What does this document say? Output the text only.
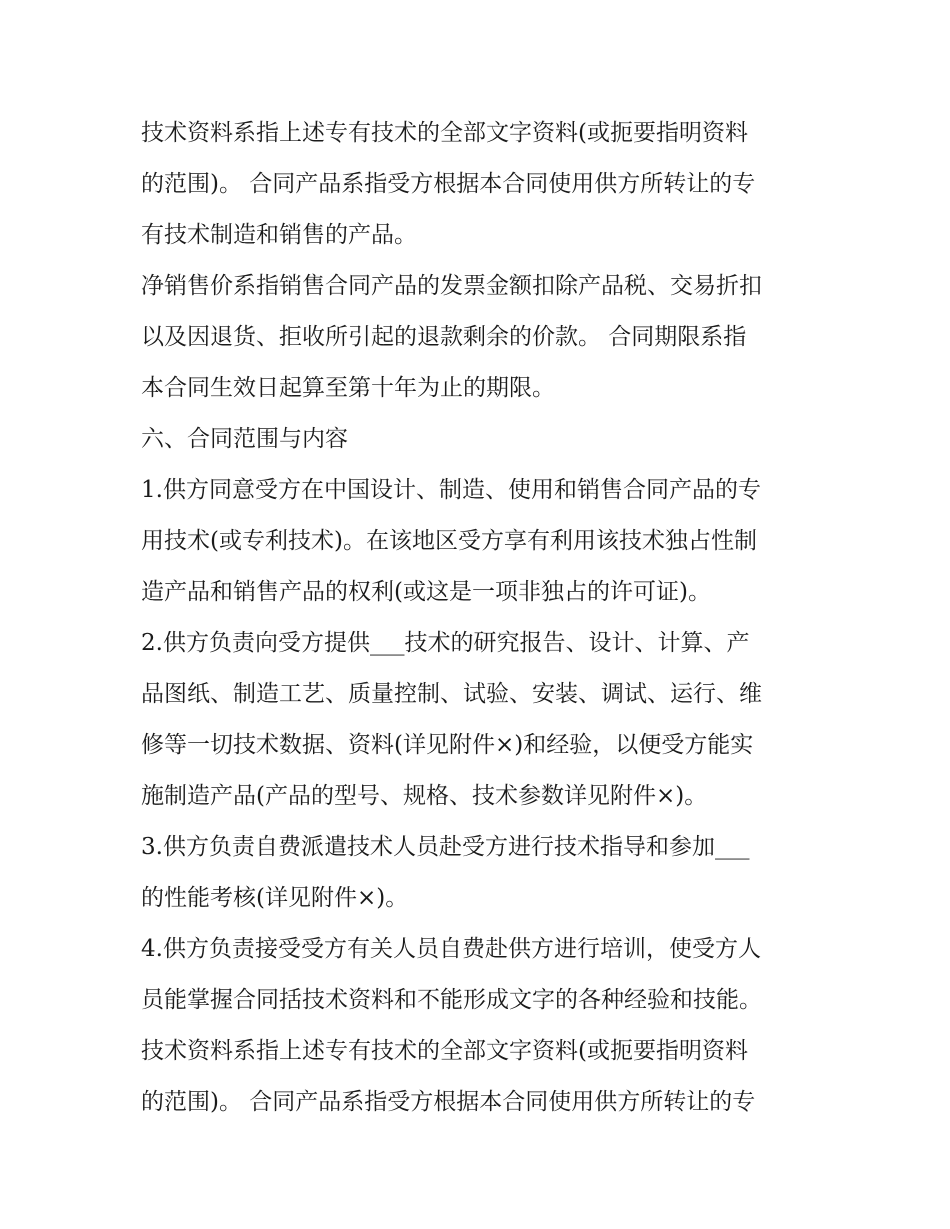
技术资料系指上述专有技术的全部文字资料(或扼要指明资料
的范围)。 合同产品系指受方根据本合同使用供方所转让的专
有技术制造和销售的产品。
净销售价系指销售合同产品的发票金额扣除产品税、交易折扣
以及因退货、拒收所引起的退款剩余的价款。 合同期限系指
本合同生效日起算至第十年为止的期限。
六、合同范围与内容
1.供方同意受方在中国设计、制造、使用和销售合同产品的专
用技术(或专利技术)。在该地区受方享有利用该技术独占性制
造产品和销售产品的权利(或这是一项非独占的许可证)。
2.供方负责向受方提供___技术的研究报告、设计、计算、产
品图纸、制造工艺、质量控制、试验、安装、调试、运行、维
修等一切技术数据、资料(详见附件×)和经验，以便受方能实
施制造产品(产品的型号、规格、技术参数详见附件×)。
3.供方负责自费派遣技术人员赴受方进行技术指导和参加___
的性能考核(详见附件×)。
4.供方负责接受受方有关人员自费赴供方进行培训，使受方人
员能掌握合同括技术资料和不能形成文字的各种经验和技能。
技术资料系指上述专有技术的全部文字资料(或扼要指明资料
的范围)。 合同产品系指受方根据本合同使用供方所转让的专
